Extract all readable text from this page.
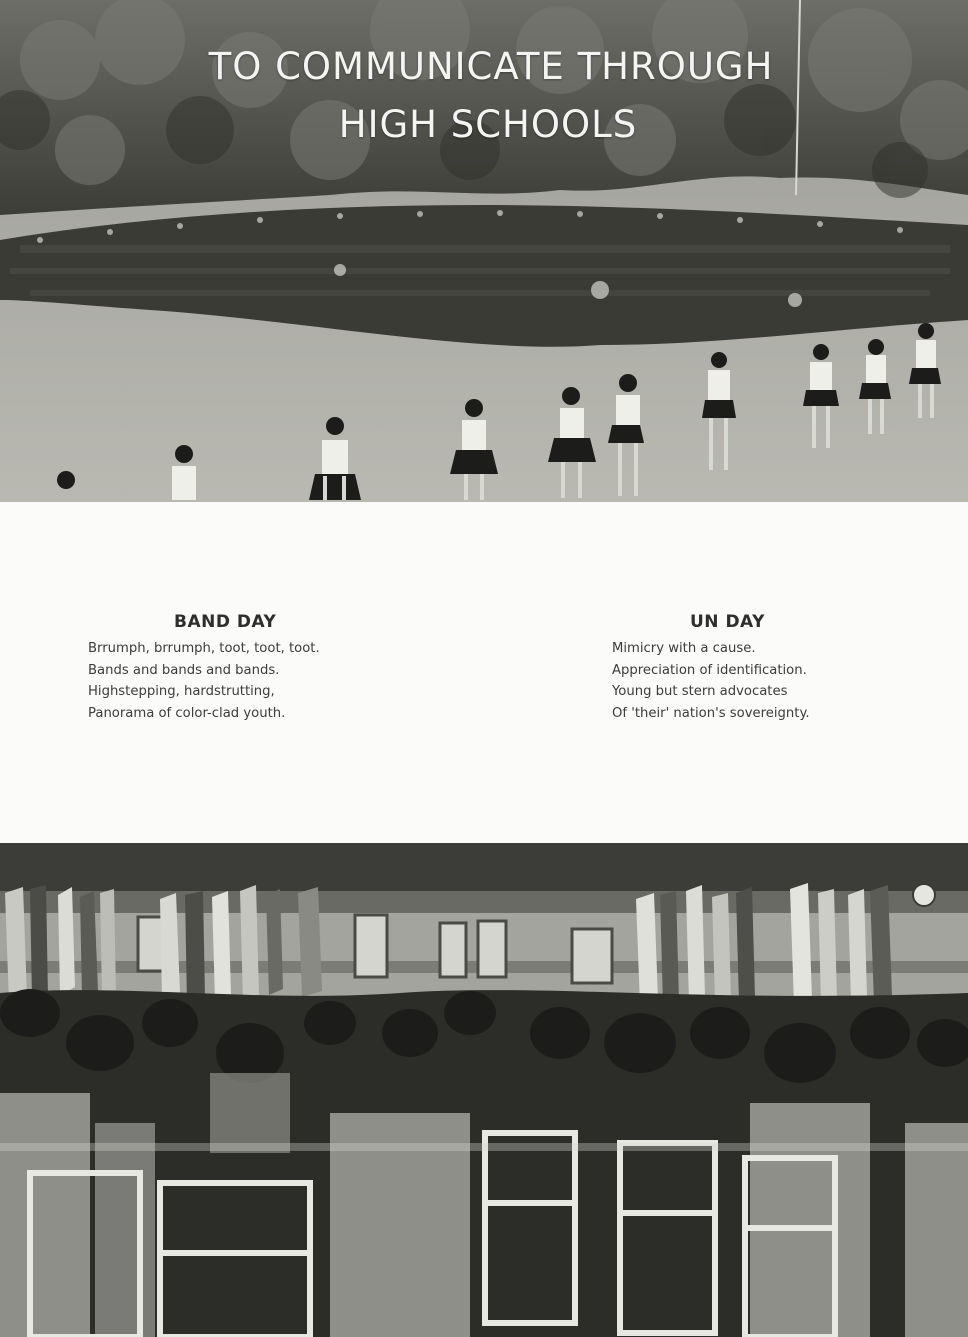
TO COMMUNICATE THROUGH
HIGH SCHOOLS
BAND DAY

Brrumph, brrumph, toot, toot, toot.

Bands and bands and bands.

Highstepping, hardstrutting,

Panorama of color-clad youth.

UN DAY

Mimicry with a cause.

Appreciation of identification.

Young but stern advocates

Of 'their' nation's sovereignty.
